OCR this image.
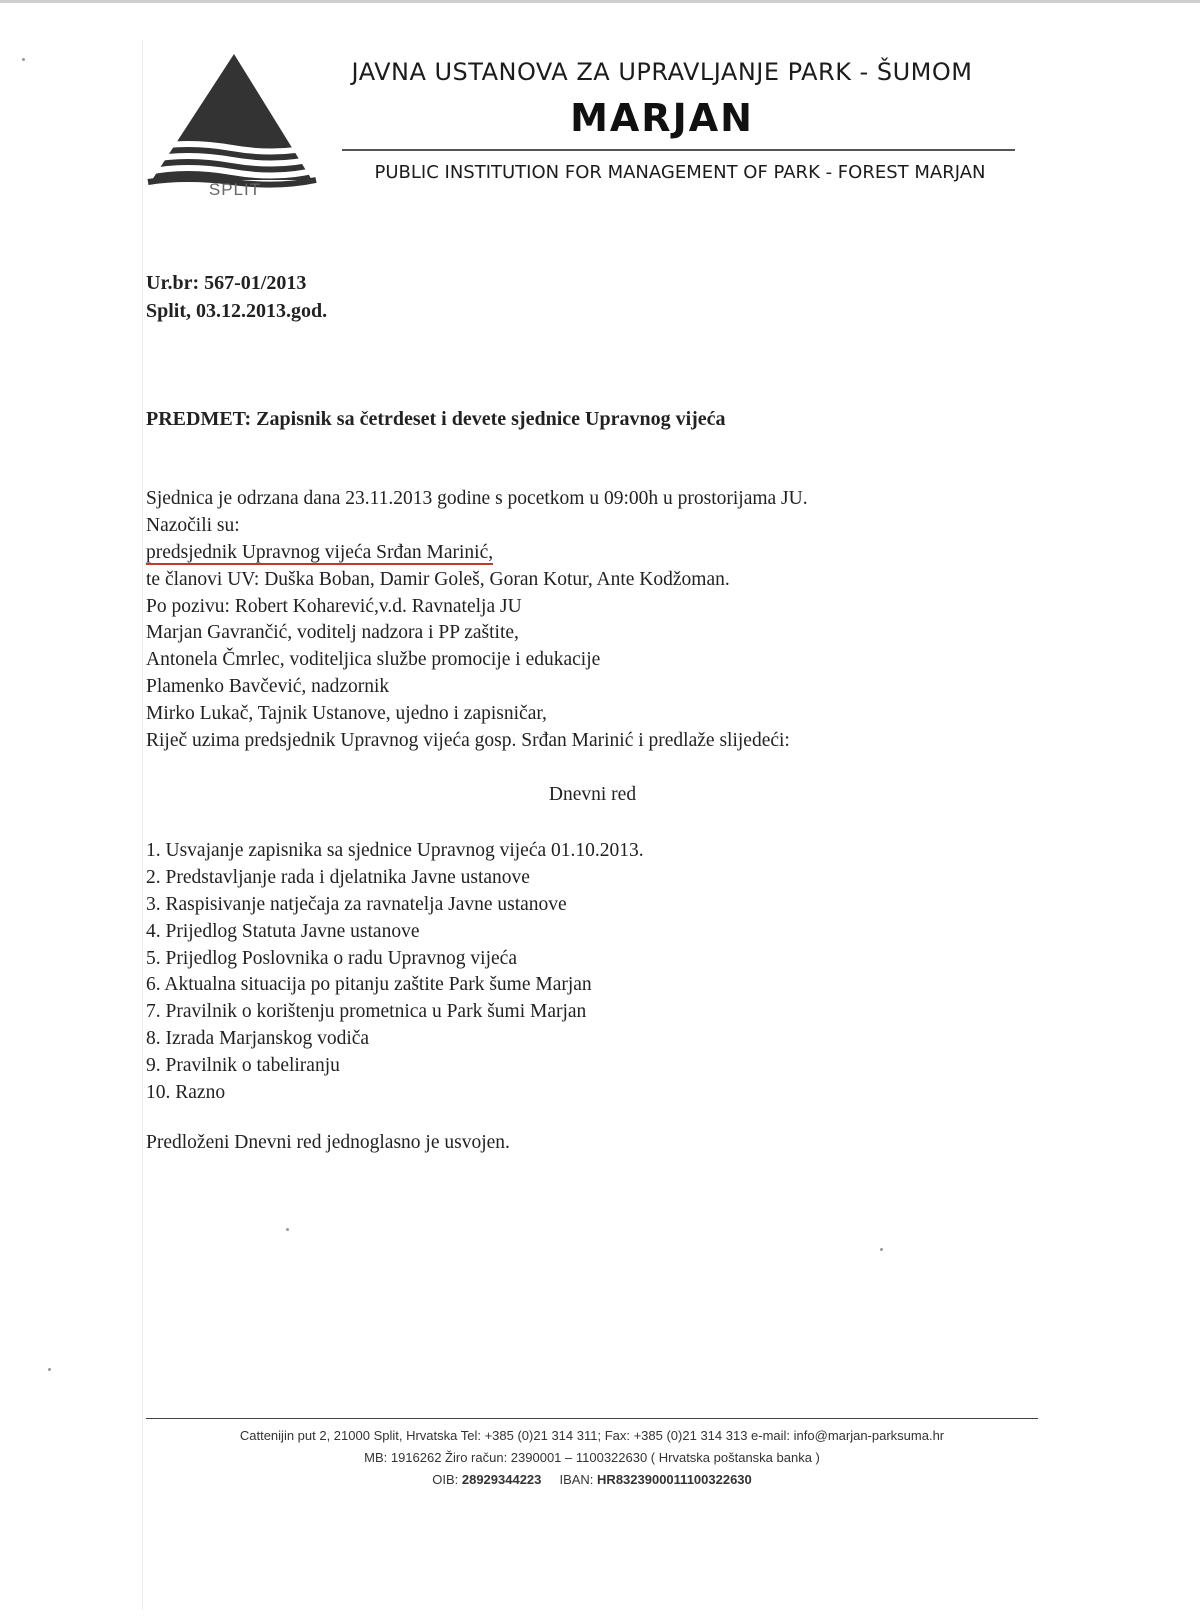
SPLIT
JAVNA USTANOVA ZA UPRAVLJANJE PARK - ŠUMOM
MARJAN
PUBLIC INSTITUTION FOR MANAGEMENT OF PARK - FOREST MARJAN
Ur.br: 567-01/2013
Split, 03.12.2013.god.
PREDMET: Zapisnik sa četrdeset i devete sjednice Upravnog vijeća
Sjednica je odrzana dana 23.11.2013 godine s pocetkom u 09:00h u prostorijama JU.
Nazočili su:
predsjednik Upravnog vijeća Srđan Marinić,
te članovi UV: Duška Boban, Damir Goleš, Goran Kotur, Ante Kodžoman.
Po pozivu: Robert Koharević,v.d. Ravnatelja JU
Marjan Gavrančić, voditelj nadzora i PP zaštite,
Antonela Čmrlec, voditeljica službe promocije i edukacije
Plamenko Bavčević, nadzornik
Mirko Lukač, Tajnik Ustanove, ujedno i zapisničar,
Riječ uzima predsjednik Upravnog vijeća gosp. Srđan Marinić i predlaže slijedeći:
Dnevni red
1. Usvajanje zapisnika sa sjednice Upravnog vijeća 01.10.2013.
2. Predstavljanje rada i djelatnika Javne ustanove
3. Raspisivanje natječaja za ravnatelja Javne ustanove
4. Prijedlog Statuta Javne ustanove
5. Prijedlog Poslovnika o radu Upravnog vijeća
6. Aktualna situacija po pitanju zaštite Park šume Marjan
7. Pravilnik o korištenju prometnica u Park šumi Marjan
8. Izrada Marjanskog vodiča
9. Pravilnik o tabeliranju
10. Razno
Predloženi Dnevni red jednoglasno je usvojen.
Cattenijin put 2, 21000 Split, Hrvatska Tel: +385 (0)21 314 311; Fax: +385 (0)21 314 313 e-mail: info@marjan-parksuma.hr
MB: 1916262 Žiro račun: 2390001 – 1100322630 ( Hrvatska poštanska banka )
OIB: 28929344223 IBAN: HR8323900011100322630
